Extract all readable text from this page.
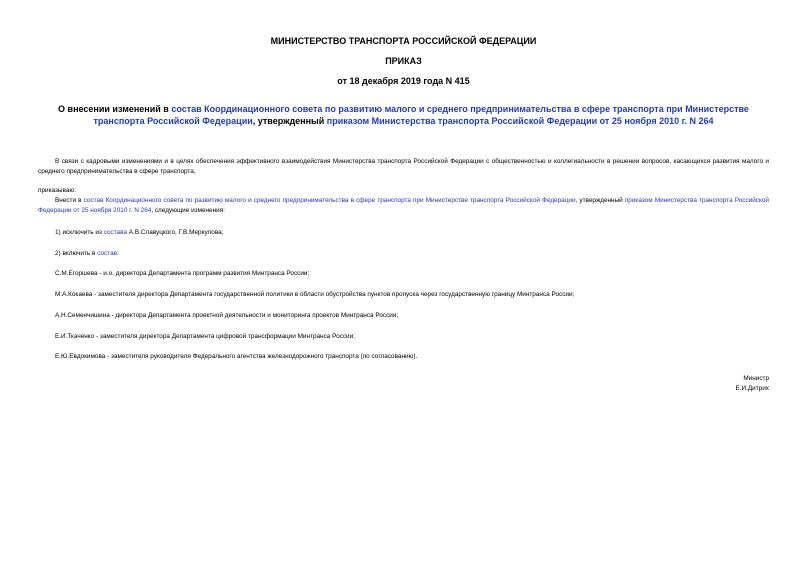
МИНИСТЕРСТВО ТРАНСПОРТА РОССИЙСКОЙ ФЕДЕРАЦИИ
ПРИКАЗ
от 18 декабря 2019 года N 415
О внесении изменений в состав Координационного совета по развитию малого и среднего предпринимательства в сфере транспорта при Министерстве транспорта Российской Федерации, утвержденный приказом Министерства транспорта Российской Федерации от 25 ноября 2010 г. N 264
В связи с кадровыми изменениями и в целях обеспечения эффективного взаимодействия Министерства транспорта Российской Федерации с общественностью и коллегиальности в решении вопросов, касающихся развития малого и среднего предпринимательства в сфере транспорта,
приказываю:
Внести в состав Координационного совета по развитию малого и среднего предпринимательства в сфере транспорта при Министерстве транспорта Российской Федерации, утвержденный приказом Министерства транспорта Российской Федерации от 25 ноября 2010 г. N 264, следующие изменения:
1) исключить из состава А.В.Славуцкого, Г.В.Меркулова;
2) включить в состав:
С.М.Егоршева - и.о. директора Департамента программ развития Минтранса России;
М.А.Кокаева - заместителя директора Департамента государственной политики в области обустройства пунктов пропуска через государственную границу Минтранса России;
А.Н.Семенчишина - директора Департамента проектной деятельности и мониторинга проектов Минтранса России;
Е.И.Ткаченко - заместителя директора Департамента цифровой трансформации Минтранса России;
Е.Ю.Евдокимова - заместителя руководителя Федерального агентства железнодорожного транспорта (по согласованию).
Министр
Е.И.Дитрих
